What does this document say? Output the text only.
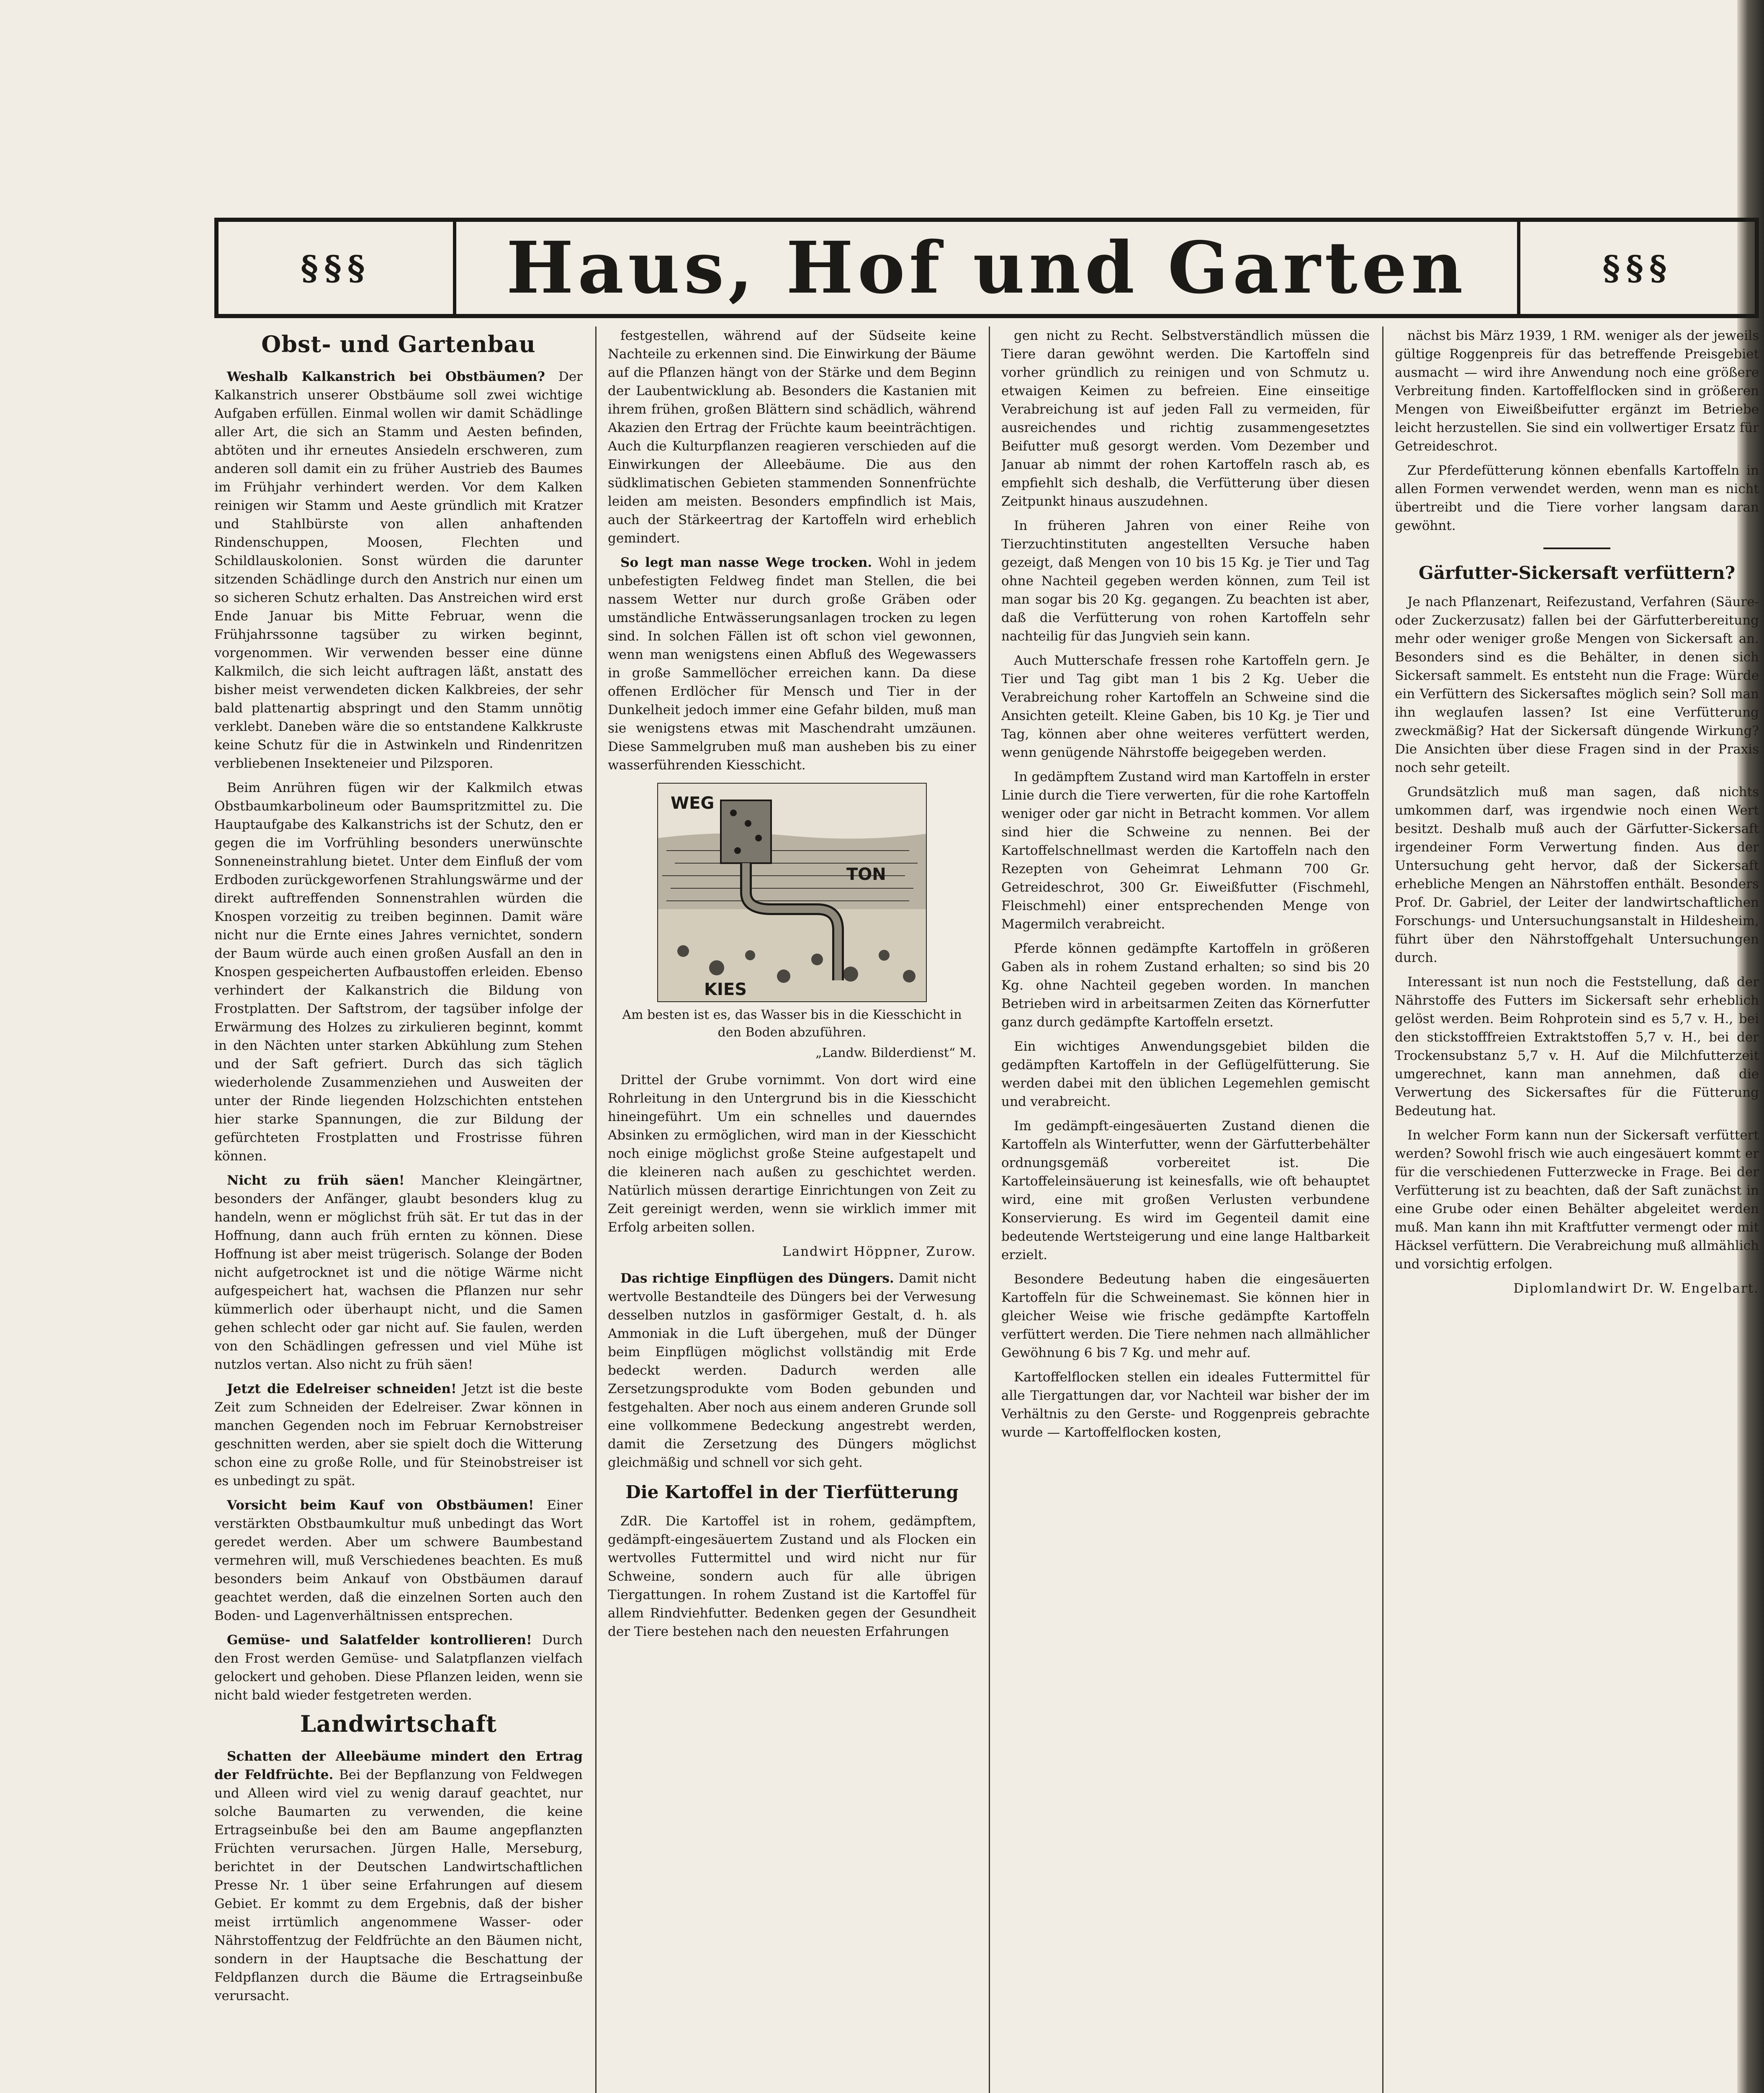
§§§	Haus, Hof und Garten	§§§
Obst- und Gartenbau

Weshalb Kalkanstrich bei Obstbäumen? Der Kalkanstrich unserer Obstbäume soll zwei wichtige Aufgaben erfüllen. Einmal wollen wir damit Schädlinge aller Art, die sich an Stamm und Aesten befinden, abtöten und ihr erneutes Ansiedeln erschweren, zum anderen soll damit ein zu früher Austrieb des Baumes im Frühjahr verhindert werden. Vor dem Kalken reinigen wir Stamm und Aeste gründlich mit Kratzer und Stahlbürste von allen anhaftenden Rindenschuppen, Moosen, Flechten und Schildlauskolonien. Sonst würden die darunter sitzenden Schädlinge durch den Anstrich nur einen um so sicheren Schutz erhalten. Das Anstreichen wird erst Ende Januar bis Mitte Februar, wenn die Frühjahrssonne tagsüber zu wirken beginnt, vorgenommen. Wir verwenden besser eine dünne Kalkmilch, die sich leicht auftragen läßt, anstatt des bisher meist verwendeten dicken Kalkbreies, der sehr bald plattenartig abspringt und den Stamm unnötig verklebt. Daneben wäre die so entstandene Kalkkruste keine Schutz für die in Astwinkeln und Rindenritzen verbliebenen Insekteneier und Pilzsporen.

Beim Anrühren fügen wir der Kalkmilch etwas Obstbaumkarbolineum oder Baumspritzmittel zu. Die Hauptaufgabe des Kalkanstrichs ist der Schutz, den er gegen die im Vorfrühling besonders unerwünschte Sonneneinstrahlung bietet. Unter dem Einfluß der vom Erdboden zurückgeworfenen Strahlungswärme und der direkt auftreffenden Sonnenstrahlen würden die Knospen vorzeitig zu treiben beginnen. Damit wäre nicht nur die Ernte eines Jahres vernichtet, sondern der Baum würde auch einen großen Ausfall an den in Knospen gespeicherten Aufbaustoffen erleiden. Ebenso verhindert der Kalkanstrich die Bildung von Frostplatten. Der Saftstrom, der tagsüber infolge der Erwärmung des Holzes zu zirkulieren beginnt, kommt in den Nächten unter starken Abkühlung zum Stehen und der Saft gefriert. Durch das sich täglich wiederholende Zusammenziehen und Ausweiten der unter der Rinde liegenden Holzschichten entstehen hier starke Spannungen, die zur Bildung der gefürchteten Frostplatten und Frostrisse führen können.

Nicht zu früh säen! Mancher Kleingärtner, besonders der Anfänger, glaubt besonders klug zu handeln, wenn er möglichst früh sät. Er tut das in der Hoffnung, dann auch früh ernten zu können. Diese Hoffnung ist aber meist trügerisch. Solange der Boden nicht aufgetrocknet ist und die nötige Wärme nicht aufgespeichert hat, wachsen die Pflanzen nur sehr kümmerlich oder überhaupt nicht, und die Samen gehen schlecht oder gar nicht auf. Sie faulen, werden von den Schädlingen gefressen und viel Mühe ist nutzlos vertan. Also nicht zu früh säen!

Jetzt die Edelreiser schneiden! Jetzt ist die beste Zeit zum Schneiden der Edelreiser. Zwar können in manchen Gegenden noch im Februar Kernobstreiser geschnitten werden, aber sie spielt doch die Witterung schon eine zu große Rolle, und für Steinobstreiser ist es unbedingt zu spät.

Vorsicht beim Kauf von Obstbäumen! Einer verstärkten Obstbaumkultur muß unbedingt das Wort geredet werden. Aber um schwere Baumbestand vermehren will, muß Verschiedenes beachten. Es muß besonders beim Ankauf von Obstbäumen darauf geachtet werden, daß die einzelnen Sorten auch den Boden- und Lagenverhältnissen entsprechen.

Gemüse- und Salatfelder kontrollieren! Durch den Frost werden Gemüse- und Salatpflanzen vielfach gelockert und gehoben. Diese Pflanzen leiden, wenn sie nicht bald wieder festgetreten werden.

Landwirtschaft

Schatten der Alleebäume mindert den Ertrag der Feldfrüchte. Bei der Bepflanzung von Feldwegen und Alleen wird viel zu wenig darauf geachtet, nur solche Baumarten zu verwenden, die keine Ertragseinbuße bei den am Baume angepflanzten Früchten verursachen. Jürgen Halle, Merseburg, berichtet in der Deutschen Landwirtschaftlichen Presse Nr. 1 über seine Erfahrungen auf diesem Gebiet. Er kommt zu dem Ergebnis, daß der bisher meist irrtümlich angenommene Wasser- oder Nährstoffentzug der Feldfrüchte an den Bäumen nicht, sondern in der Hauptsache die Beschattung der Feldpflanzen durch die Bäume die Ertragseinbuße verursacht.

festgestellen, während auf der Südseite keine Nachteile zu erkennen sind. Die Einwirkung der Bäume auf die Pflanzen hängt von der Stärke und dem Beginn der Laubentwicklung ab. Besonders die Kastanien mit ihrem frühen, großen Blättern sind schädlich, während Akazien den Ertrag der Früchte kaum beeinträchtigen. Auch die Kulturpflanzen reagieren verschieden auf die Einwirkungen der Alleebäume. Die aus den südklimatischen Gebieten stammenden Sonnenfrüchte leiden am meisten. Besonders empfindlich ist Mais, auch der Stärkeertrag der Kartoffeln wird erheblich gemindert.

So legt man nasse Wege trocken. Wohl in jedem unbefestigten Feldweg findet man Stellen, die bei nassem Wetter nur durch große Gräben oder umständliche Entwässerungsanlagen trocken zu legen sind. In solchen Fällen ist oft schon viel gewonnen, wenn man wenigstens einen Abfluß des Wegewassers in große Sammellöcher erreichen kann. Da diese offenen Erdlöcher für Mensch und Tier in der Dunkelheit jedoch immer eine Gefahr bilden, muß man sie wenigstens etwas mit Maschendraht umzäunen. Diese Sammelgruben muß man ausheben bis zu einer wasserführenden Kiesschicht.

WEG
TON
KIES
Am besten ist es, das Wasser bis in die Kiesschicht in den Boden abzuführen.
„Landw. Bilderdienst“ M.

Drittel der Grube vornimmt. Von dort wird eine Rohrleitung in den Untergrund bis in die Kiesschicht hineingeführt. Um ein schnelles und dauerndes Absinken zu ermöglichen, wird man in der Kiesschicht noch einige möglichst große Steine aufgestapelt und die kleineren nach außen zu geschichtet werden. Natürlich müssen derartige Einrichtungen von Zeit zu Zeit gereinigt werden, wenn sie wirklich immer mit Erfolg arbeiten sollen.

Landwirt Höppner, Zurow.

Das richtige Einpflügen des Düngers. Damit nicht wertvolle Bestandteile des Düngers bei der Verwesung desselben nutzlos in gasförmiger Gestalt, d. h. als Ammoniak in die Luft übergehen, muß der Dünger beim Einpflügen möglichst vollständig mit Erde bedeckt werden. Dadurch werden alle Zersetzungsprodukte vom Boden gebunden und festgehalten. Aber noch aus einem anderen Grunde soll eine vollkommene Bedeckung angestrebt werden, damit die Zersetzung des Düngers möglichst gleichmäßig und schnell vor sich geht.

Die Kartoffel in der Tierfütterung

ZdR. Die Kartoffel ist in rohem, gedämpftem, gedämpft-eingesäuertem Zustand und als Flocken ein wertvolles Futtermittel und wird nicht nur für Schweine, sondern auch für alle übrigen Tiergattungen. In rohem Zustand ist die Kartoffel für allem Rindviehfutter. Bedenken gegen der Gesundheit der Tiere bestehen nach den neuesten Erfahrungen

gen nicht zu Recht. Selbstverständlich müssen die Tiere daran gewöhnt werden. Die Kartoffeln sind vorher gründlich zu reinigen und von Schmutz u. etwaigen Keimen zu befreien. Eine einseitige Verabreichung ist auf jeden Fall zu vermeiden, für ausreichendes und richtig zusammengesetztes Beifutter muß gesorgt werden. Vom Dezember und Januar ab nimmt der rohen Kartoffeln rasch ab, es empfiehlt sich deshalb, die Verfütterung über diesen Zeitpunkt hinaus auszudehnen.

In früheren Jahren von einer Reihe von Tierzuchtinstituten angestellten Versuche haben gezeigt, daß Mengen von 10 bis 15 Kg. je Tier und Tag ohne Nachteil gegeben werden können, zum Teil ist man sogar bis 20 Kg. gegangen. Zu beachten ist aber, daß die Verfütterung von rohen Kartoffeln sehr nachteilig für das Jungvieh sein kann.

Auch Mutterschafe fressen rohe Kartoffeln gern. Je Tier und Tag gibt man 1 bis 2 Kg. Ueber die Verabreichung roher Kartoffeln an Schweine sind die Ansichten geteilt. Kleine Gaben, bis 10 Kg. je Tier und Tag, können aber ohne weiteres verfüttert werden, wenn genügende Nährstoffe beigegeben werden.

In gedämpftem Zustand wird man Kartoffeln in erster Linie durch die Tiere verwerten, für die rohe Kartoffeln weniger oder gar nicht in Betracht kommen. Vor allem sind hier die Schweine zu nennen. Bei der Kartoffelschnellmast werden die Kartoffeln nach den Rezepten von Geheimrat Lehmann 700 Gr. Getreideschrot, 300 Gr. Eiweißfutter (Fischmehl, Fleischmehl) einer entsprechenden Menge von Magermilch verabreicht.

Pferde können gedämpfte Kartoffeln in größeren Gaben als in rohem Zustand erhalten; so sind bis 20 Kg. ohne Nachteil gegeben worden. In manchen Betrieben wird in arbeitsarmen Zeiten das Körnerfutter ganz durch gedämpfte Kartoffeln ersetzt.

Ein wichtiges Anwendungsgebiet bilden die gedämpften Kartoffeln in der Geflügelfütterung. Sie werden dabei mit den üblichen Legemehlen gemischt und verabreicht.

Im gedämpft-eingesäuerten Zustand dienen die Kartoffeln als Winterfutter, wenn der Gärfutterbehälter ordnungsgemäß vorbereitet ist. Die Kartoffeleinsäuerung ist keinesfalls, wie oft behauptet wird, eine mit großen Verlusten verbundene Konservierung. Es wird im Gegenteil damit eine bedeutende Wertsteigerung und eine lange Haltbarkeit erzielt.

Besondere Bedeutung haben die eingesäuerten Kartoffeln für die Schweinemast. Sie können hier in gleicher Weise wie frische gedämpfte Kartoffeln verfüttert werden. Die Tiere nehmen nach allmählicher Gewöhnung 6 bis 7 Kg. und mehr auf.

Kartoffelflocken stellen ein ideales Futtermittel für alle Tiergattungen dar, vor Nachteil war bisher der im Verhältnis zu den Gerste- und Roggenpreis gebrachte wurde — Kartoffelflocken kosten,

nächst bis März 1939, 1 RM. weniger als der jeweils gültige Roggenpreis für das betreffende Preisgebiet ausmacht — wird ihre Anwendung noch eine größere Verbreitung finden. Kartoffelflocken sind in größeren Mengen von Eiweißbeifutter ergänzt im Betriebe leicht herzustellen. Sie sind ein vollwertiger Ersatz für Getreideschrot.

Zur Pferdefütterung können ebenfalls Kartoffeln in allen Formen verwendet werden, wenn man es nicht übertreibt und die Tiere vorher langsam daran gewöhnt.

Gärfutter-Sickersaft verfüttern?

Je nach Pflanzenart, Reifezustand, Verfahren (Säure- oder Zuckerzusatz) fallen bei der Gärfutterbereitung mehr oder weniger große Mengen von Sickersaft an. Besonders sind es die Behälter, in denen sich Sickersaft sammelt. Es entsteht nun die Frage: Würde ein Verfüttern des Sickersaftes möglich sein? Soll man ihn weglaufen lassen? Ist eine Verfütterung zweckmäßig? Hat der Sickersaft düngende Wirkung? Die Ansichten über diese Fragen sind in der Praxis noch sehr geteilt.

Grundsätzlich muß man sagen, daß nichts umkommen darf, was irgendwie noch einen Wert besitzt. Deshalb muß auch der Gärfutter-Sickersaft irgendeiner Form Verwertung finden. Aus der Untersuchung geht hervor, daß der Sickersaft erhebliche Mengen an Nährstoffen enthält. Besonders Prof. Dr. Gabriel, der Leiter der landwirtschaftlichen Forschungs- und Untersuchungsanstalt in Hildesheim, führt über den Nährstoffgehalt Untersuchungen durch.

Interessant ist nun noch die Feststellung, daß der Nährstoffe des Futters im Sickersaft sehr erheblich gelöst werden. Beim Rohprotein sind es 5,7 v. H., bei den stickstofffreien Extraktstoffen 5,7 v. H., bei der Trockensubstanz 5,7 v. H. Auf die Milchfutterzeit umgerechnet, kann man annehmen, daß die Verwertung des Sickersaftes für die Fütterung Bedeutung hat.

In welcher Form kann nun der Sickersaft verfüttert werden? Sowohl frisch wie auch eingesäuert kommt er für die verschiedenen Futterzwecke in Frage. Bei der Verfütterung ist zu beachten, daß der Saft zunächst in eine Grube oder einen Behälter abgeleitet werden muß. Man kann ihn mit Kraftfutter vermengt oder mit Häcksel verfüttern. Die Verabreichung muß allmählich und vorsichtig erfolgen.

Diplomlandwirt Dr. W. Engelbart.
